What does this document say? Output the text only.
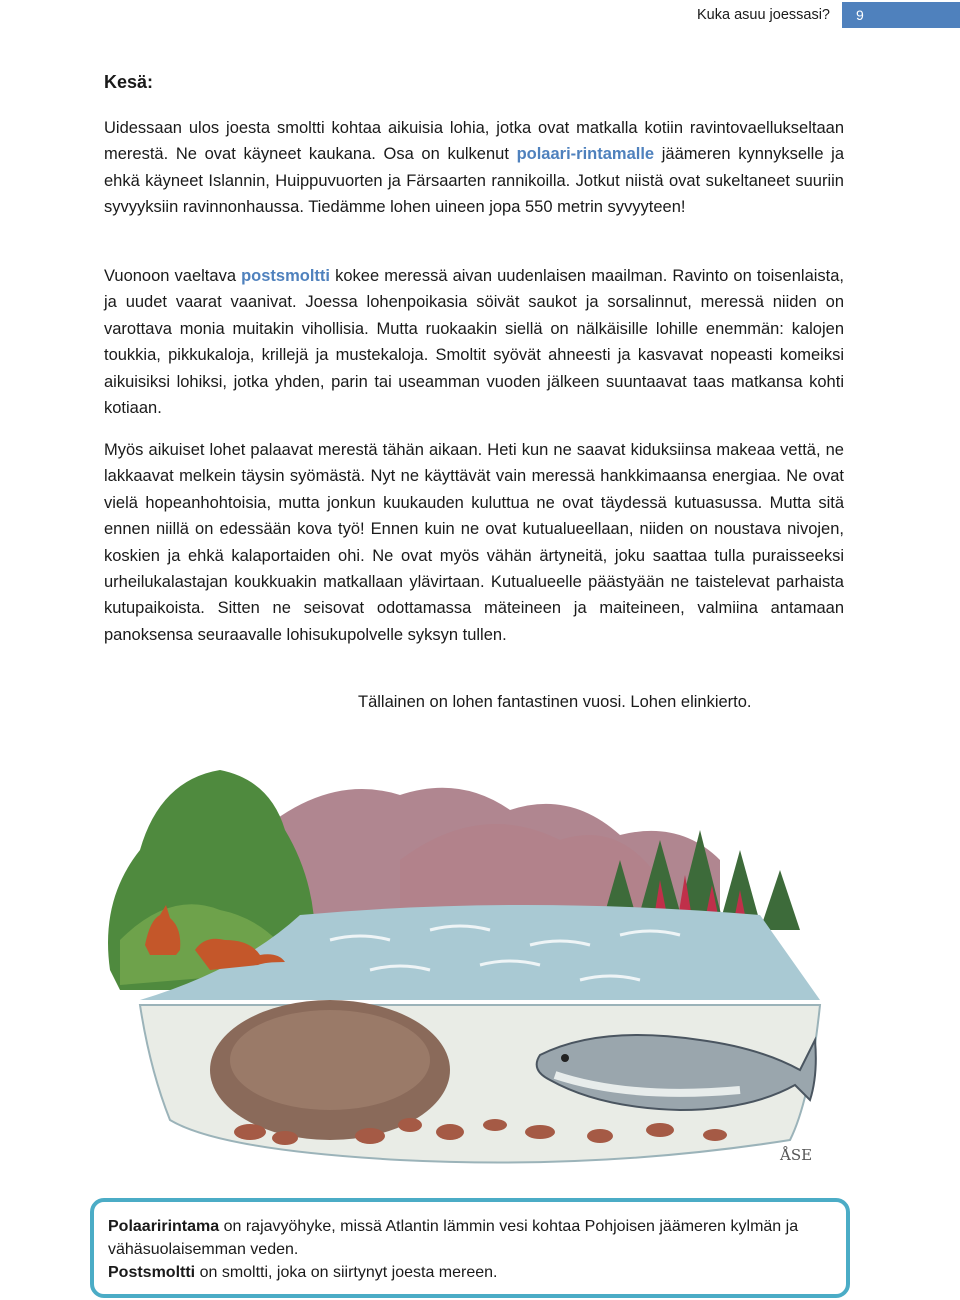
Kuka asuu joessasi?	9
Kesä:

Uidessaan ulos joesta smoltti kohtaa aikuisia lohia, jotka ovat matkalla kotiin ravintovaellukseltaan merestä. Ne ovat käyneet kaukana. Osa on kulkenut polaari-rintamalle jäämeren kynnykselle ja ehkä käyneet Islannin, Huippuvuorten ja Färsaarten rannikoilla. Jotkut niistä ovat sukeltaneet suuriin syvyyksiin ravinnonhaussa. Tiedämme lohen uineen jopa 550 metrin syvyyteen!

Vuonoon vaeltava postsmoltti kokee meressä aivan uudenlaisen maailman. Ravinto on toisenlaista, ja uudet vaarat vaanivat. Joessa lohenpoikasia söivät saukot ja sorsalinnut, meressä niiden on varottava monia muitakin vihollisia. Mutta ruokaakin siellä on nälkäisille lohille enemmän: kalojen toukkia, pikkukaloja, krillejä ja mustekaloja. Smoltit syövät ahneesti ja kasvavat nopeasti komeiksi aikuisiksi lohiksi, jotka yhden, parin tai useamman vuoden jälkeen suuntaavat taas matkansa kohti kotiaan.

Myös aikuiset lohet palaavat merestä tähän aikaan. Heti kun ne saavat kiduksiinsa makeaa vettä, ne lakkaavat melkein täysin syömästä. Nyt ne käyttävät vain meressä hankkimaansa energiaa. Ne ovat vielä hopeanhohtoisia, mutta jonkun kuukauden kuluttua ne ovat täydessä kutuasussa. Mutta sitä ennen niillä on edessään kova työ! Ennen kuin ne ovat kutualueellaan, niiden on noustava nivojen, koskien ja ehkä kalaportaiden ohi. Ne ovat myös vähän ärtyneitä, joku saattaa tulla puraisseeksi urheilukalastajan koukkuakin matkallaan ylävirtaan. Kutualueelle päästyään ne taistelevat parhaista kutupaikoista. Sitten ne seisovat odottamassa mäteineen ja maiteineen, valmiina antamaan panoksensa seuraavalle lohisukupolvelle syksyn tullen.

Tällainen on lohen fantastinen vuosi. Lohen elinkierto.

ÅSE

Polaaririntama on rajavyöhyke, missä Atlantin lämmin vesi kohtaa Pohjoisen jäämeren kylmän ja vähäsuolaisemman veden.

Postsmoltti on smoltti, joka on siirtynyt joesta mereen.
